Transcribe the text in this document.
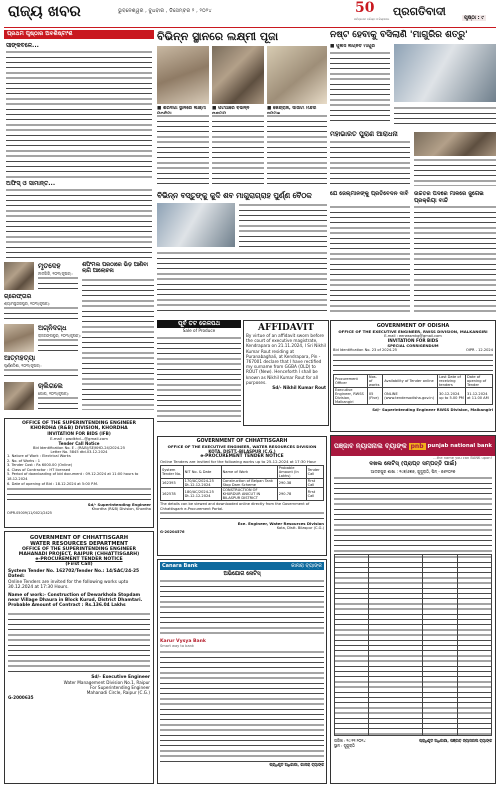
ରାଜ୍ୟ ଖବର	ଭୁବନେଶ୍ୱର , ବୁଧବାର , ଡିସେମ୍ବର ୨ , ୨୦୨୪	50
ସର୍ବପ୍ରଥମ ବଳିଷ୍ଠ ଓ ନିଷ୍ଠାପର
ପ୍ରଗତିବାଦୀ	ପୃଷ୍ଠା : ୯
ପ୍ରଥମ ପୃଷ୍ଠାର ଅବଶିଷ୍ଟାଂଶ
ସୀଙ୍କବଳେ...
ଅଫିସ୍ ଓ ସାମାନ୍ତ...
ମୃତଦେହ
ନୀଳଗିରି, ୧୦୩(କୃଷକ):
ଗ୍ରେଫ୍ତାର
ଶ୍ୟାମସୁନ୍ଦରପୁର, ୧୦୩(କୃଷକ):
ଅଗ୍ନିଦଗ୍ଧ
ରାଜଗଙ୍ଗପୁର, ୧୦୩(କୃଷକ):
ଆତ୍ମହତ୍ୟା
ପୂର୍ଣ୍ଣଦିଶା, ୧୦୩(କୃଷକ):
ଚାଲିଗଲେ
ଗୋପ, ୧୦୩(କୃଷକ):
ଶପିଂମଲ ପରଠାରେ ଭିଡ଼ ଆଣିବା ଲାଗି ଆଲୋଚନା
ବିଭିନ୍ନ ସ୍ଥାନରେ ଲକ୍ଷ୍ମୀ ପୂଜା
■ ଶରଦିଗା ସ୍ଥାନରେ ଲକ୍ଷ୍ମୀ	■ ପଟିଆରେ ବିଭିନ୍ନ	■ କେନ୍ଦ୍ରାଜ, ସାଉଁଟା ମନ୍ଦିର
ନଷ୍ଟ ହେବାକୁ ବସିଲାଣି 'ମାଗୁରିର ଶତ୍ରୁ'
■ ପୁଲିସ ଲଗ୍ନିତ ମାଗୁରି
ମହାଭାରତ ପୁରାଣ ଆରାଧନା
ବିଭିନ୍ନ ବସ୍ତୁଙ୍କୁ କୁଦି ଶବ ମାଗୁରାଗ୍ରାହ ପୁର୍ଣ୍ଣ ବୈଠକ	ଯେ ଜେଲ୍‌ମାନଙ୍କୁ ପ୍ରତିବେଦନ ଦାବି ଉଚ୍ଚତର ପଦରେ ମାଳରେ ଜୁଗେଇ ପ୍ରକ୍ରିୟା ବାନ୍ଦି
AFFIDAVIT
By virtue of an affidavit sworn before the court of executive magistrate, Kendrapara on 21.11.2024, I Sri Nikhil Kumar Rout residing at Puranabaghali, at Kendrapara, Pin - 767001 declare that I have rectified my surname from GGBA (OLD) to ROUT (New). Henceforth I shall be known as Nikhil Kumar Rout for all purposes.
Sd/- Nikhil Kumar Rout
ପୂର୍ବ ତଟ ରେଳପଥ
Sale of Produce
GOVERNMENT OF ODISHA
OFFICE OF THE EXECUTIVE ENGINEER, RWSS DIVISION, MALKANGIRI
E-mail : eerwssmkg@gmail.com
INVITATION FOR BIDS
SPECIAL CORRIGENDUM
Bid Identification No. 23 of 2024-25	OIPR - 12.2024
Procurement Officer	Nos. of works	Availability of Tender online	Last Date of receiving tenders	Date of opening of Tender
Executive Engineer, RWSS Division, Malkangiri	05 (Five)	ONLINE (www.tendersodisha.gov.in)	30.12.2024 up to 5.00 PM	31.12.2024 at 11.00 AM
Sd/- Superintending Engineer RWSS Division, Malkangiri
OFFICE OF THE SUPERINTENDING ENGINEER
KHORDHA (R&B) DIVISION, KHORDHA
INVITATION FOR BIDS (IFB)
E-mail : pwdkhd...@gmail.com
Tender Call Notice
Bid Identification No. E - (R&B)/SE/KHD-24/2024-25
Letter No. 5845 dtd.03.12.2024
1. Nature of Work : Electrical Works
2. No. of Works : 1
3. Tender Cost : Rs 6000.00 (Online)
4. Class of Contractor : HT licensed
5. Period of downloading of bid document : 09.12.2024 at 11:00 hours to 18.12.2024
6. Date of opening of Bid : 18.12.2024 at 5:00 P.M.
Sd/- Superintending Engineer
Khordha (R&B) Division, Khordha
OIPR-05009/11/0021/2425
GOVERNMENT OF CHHATTISGARH
WATER RESOURCES DEPARTMENT
OFFICE OF THE SUPERINTENDING ENGINEER
MAHANADI PROJECT, RAIPUR (CHHATTISGARH)
e-PROCUREMENT TENDER NOTICE
(First Call)
System Tender No. 162702/Tender No.: 14/SAC/24-25 Dated:
Online Tenders are invited for the following works upto 30.12.2024 at 17:30 Hours.
Name of work:- Construction of Dewarkhola Stopdam near Village Dhaura in Block Kurud, District Dhamtari.
Probable Amount of Contract : Rs.136.04 Lakhs
Sd/- Executive Engineer
Water Management Division No.1, Raipur
For Superintending Engineer
Mahanadi Circle, Raipur (C.G.)
G-2000635
GOVERNMENT OF CHHATTISGARH
OFFICE OF THE EXECUTIVE ENGINEER, WATER RESOURCES DIVISION
KOTA, DISTT.-BILASPUR (C.G.)
e-PROCUREMENT TENDER NOTICE
Online Tenders are invited for the following works up to 25-12-2024 at 17:30 Hour
System Tender No.	NIT No. & Date	Name of Work	Probable Amount (In Lakhs)	Tender Call
162393	170/AC/2024-25 Dt.12.12.2024	Construction of Belpan Tank Stop Dam Scheme	290.38	First Call
162578	180/AC/2024-25 Dt.12.12.2024	CONSTRUCTION OF KHURDUR ANICUT IN BILASPUR DISTRICT	290.78	First Call
The details can be viewed and downloaded online directly from the Government of Chhattisgarh e-Procurement Portal.
Exe. Engineer, Water Resources Division
Kota, Distt. Bilaspur (C.G.)
G-20204576
Canara Bank	କାନାରା ବ୍ୟାଙ୍କ
ଅଭିଯୋଗ ନୋଟିସ୍
Karur Vysya Bank
Smart way to bank
ପ୍ରାଧିକୃତ ଅଧିକାରୀ, କାନାରା ବ୍ୟାଙ୍କ
ପଞ୍ଜାବ ନ୍ୟାସନାଲ ବ୍ୟାଙ୍କ pnb punjab national bank
...the name you can BANK upon!
ଦଖଲ ନୋଟିସ୍ (ପ୍ରାପ୍ତ ସମ୍ପତ୍ତି ପାଇଁ)
ଆଦରପୁର ଶାଖା : ୧୯୭/୬୭୭, ଗୁଜୁରାଠି, ପିନ୍ - ୭୬୨୦୨୭
ତାରିଖ : ୨୯.୧୧.୨୦୨୪	ପ୍ରାଧିକୃତ ଅଧିକାରୀ, ପଞ୍ଜାବ ନ୍ୟାସନାଲ ବ୍ୟାଙ୍କ
ସ୍ଥାନ : ଗୁଜୁରାଠି
